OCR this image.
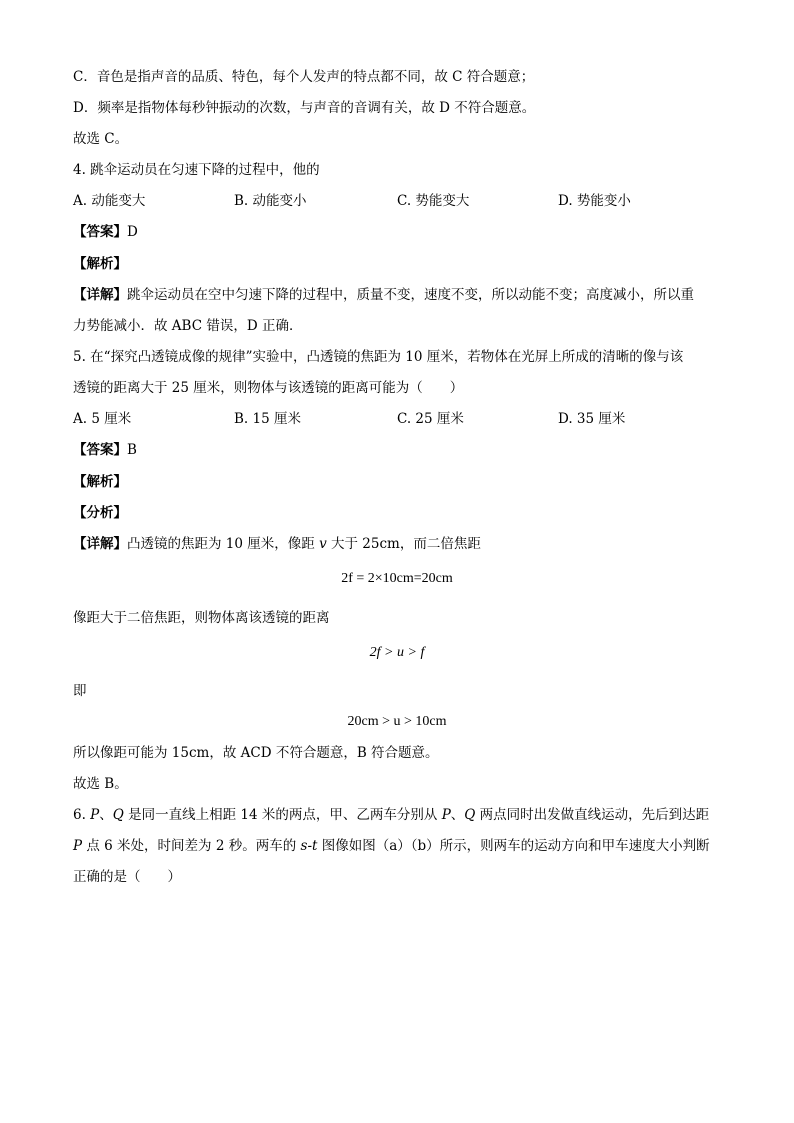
C．音色是指声音的品质、特色，每个人发声的特点都不同，故 C 符合题意；
D．频率是指物体每秒钟振动的次数，与声音的音调有关，故 D 不符合题意。
故选 C。
4. 跳伞运动员在匀速下降的过程中，他的
A. 动能变大	B. 动能变小	C. 势能变大	D. 势能变小
【答案】D
【解析】
【详解】跳伞运动员在空中匀速下降的过程中，质量不变，速度不变，所以动能不变；高度减小，所以重
力势能减小．故 ABC 错误，D 正确．
5. 在“探究凸透镜成像的规律”实验中，凸透镜的焦距为 10 厘米，若物体在光屏上所成的清晰的像与该
透镜的距离大于 25 厘米，则物体与该透镜的距离可能为（　　）
A. 5 厘米	B. 15 厘米	C. 25 厘米	D. 35 厘米
【答案】B
【解析】
【分析】
【详解】凸透镜的焦距为 10 厘米，像距 v 大于 25cm，而二倍焦距
2f = 2×10cm=20cm
像距大于二倍焦距，则物体离该透镜的距离
2f > u > f
即
20cm > u > 10cm
所以像距可能为 15cm，故 ACD 不符合题意，B 符合题意。
故选 B。
6. P、Q 是同一直线上相距 14 米的两点，甲、乙两车分别从 P、Q 两点同时出发做直线运动，先后到达距
P 点 6 米处，时间差为 2 秒。两车的 s-t 图像如图（a）（b）所示，则两车的运动方向和甲车速度大小判断
正确的是（　　）
